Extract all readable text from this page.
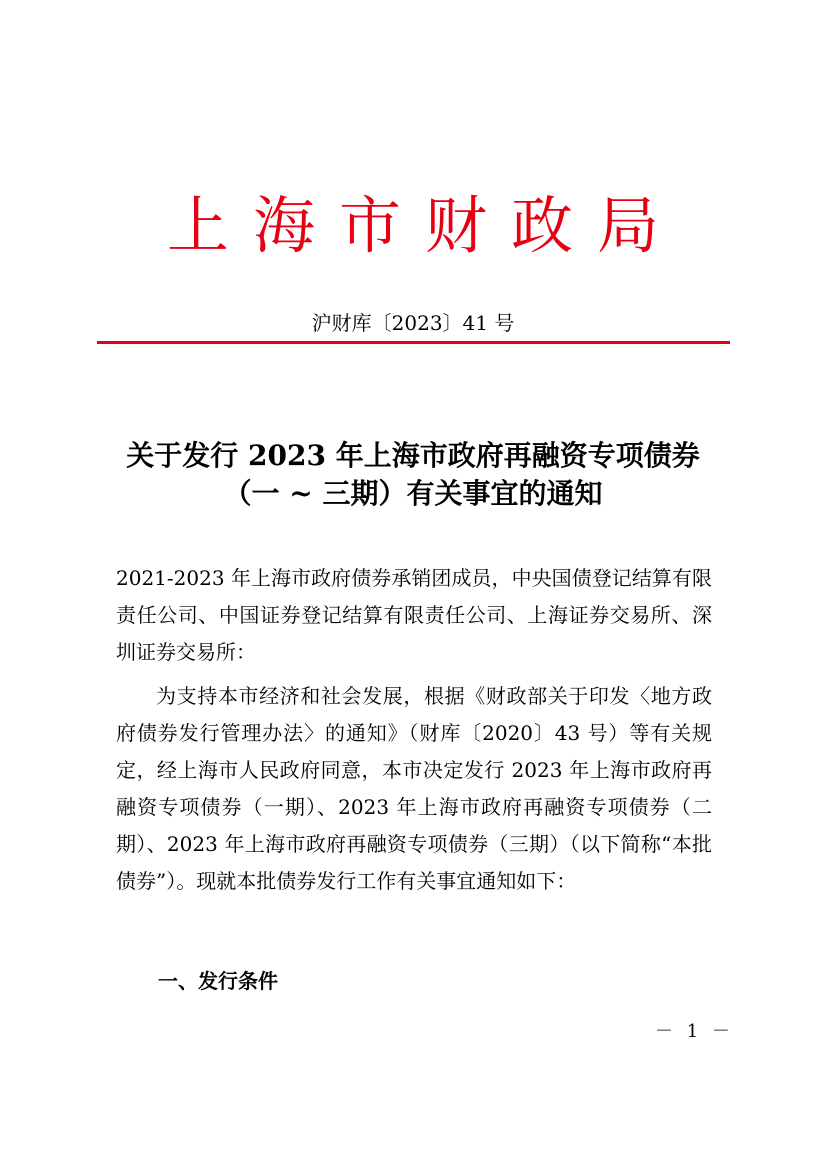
上海市财政局
沪财库〔2023〕41 号
关于发行 2023 年上海市政府再融资专项债券
（一 ~ 三期）有关事宜的通知
2021-2023 年上海市政府债券承销团成员，中央国债登记结算有限责任公司、中国证券登记结算有限责任公司、上海证券交易所、深圳证券交易所：
为支持本市经济和社会发展，根据《财政部关于印发〈地方政府债券发行管理办法〉的通知》（财库〔2020〕43 号）等有关规定，经上海市人民政府同意，本市决定发行 2023 年上海市政府再融资专项债券（一期）、2023 年上海市政府再融资专项债券（二期）、2023 年上海市政府再融资专项债券（三期）（以下简称“本批债券”）。现就本批债券发行工作有关事宜通知如下：
一、发行条件
－ 1 －
